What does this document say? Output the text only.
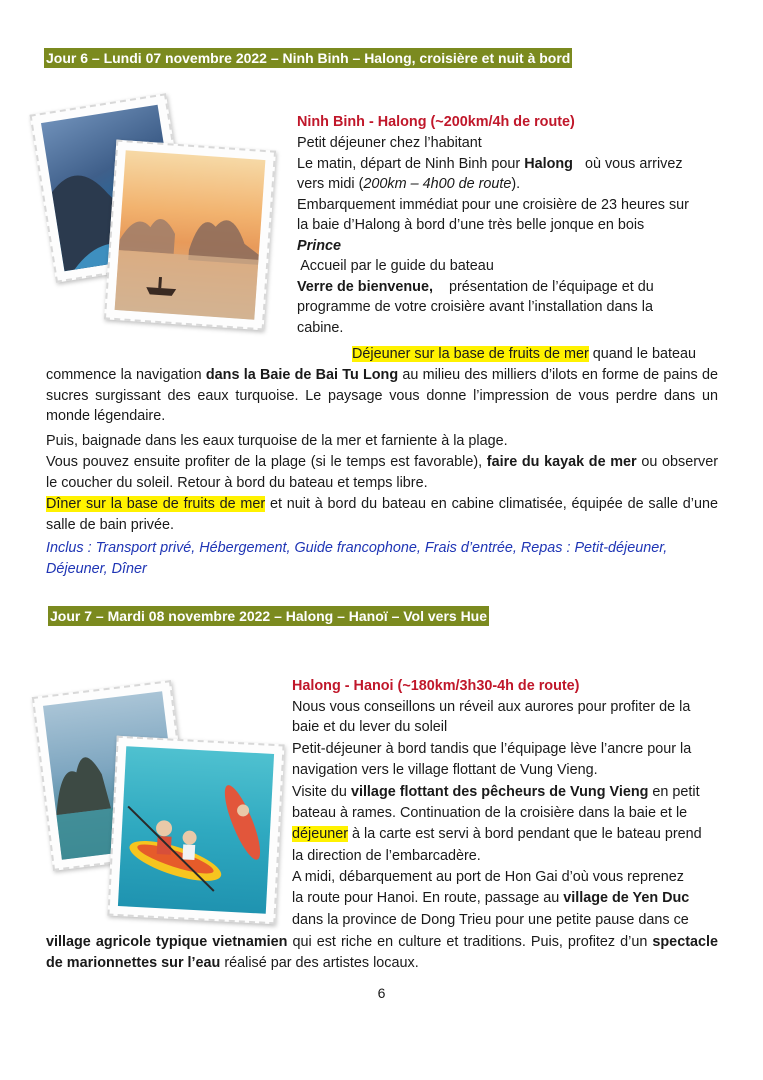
Jour 6 – Lundi 07 novembre 2022 – Ninh Binh – Halong, croisière et nuit à bord
Ninh Binh - Halong (~200km/4h de route)
Petit déjeuner chez l’habitant
Le matin, départ de Ninh Binh pour Halong   où vous arrivez
vers midi (200km – 4h00 de route).
Embarquement immédiat pour une croisière de 23 heures sur
la baie d’Halong à bord d’une très belle jonque en bois
Prince
Accueil par le guide du bateau
Verre de bienvenue,    présentation de l’équipage et du
programme de votre croisière avant l’installation dans la
cabine.
Déjeuner sur la base de fruits de mer quand le bateau
commence la navigation dans la Baie de Bai Tu Long au milieu des milliers d’ilots en forme de pains de sucres surgissant des eaux turquoise. Le paysage vous donne l’impression de vous perdre dans un monde légendaire.
Puis, baignade dans les eaux turquoise de la mer et farniente à la plage.
Vous pouvez ensuite profiter de la plage (si le temps est favorable), faire du kayak de mer ou observer le coucher du soleil. Retour à bord du bateau et temps libre.
Dîner sur la base de fruits de mer et nuit à bord du bateau en cabine climatisée, équipée de salle d’une salle de bain privée.
Inclus : Transport privé, Hébergement, Guide francophone, Frais d’entrée, Repas : Petit-déjeuner, Déjeuner, Dîner
Jour 7 – Mardi 08 novembre 2022 – Halong – Hanoï – Vol vers Hue
Halong - Hanoi (~180km/3h30-4h de route)
Nous vous conseillons un réveil aux aurores pour profiter de la
baie et du lever du soleil
Petit-déjeuner à bord tandis que l’équipage lève l’ancre pour la
navigation vers le village flottant de Vung Vieng.
Visite du village flottant des pêcheurs de Vung Vieng en petit
bateau à rames. Continuation de la croisière dans la baie et le
déjeuner à la carte est servi à bord pendant que le bateau prend
la direction de l’embarcadère.
A midi, débarquement au port de Hon Gai d’où vous reprenez
la route pour Hanoi. En route, passage au village de Yen Duc
dans la province de Dong Trieu pour une petite pause dans ce
village agricole typique vietnamien qui est riche en culture et traditions. Puis, profitez d’un spectacle de marionnettes sur l’eau réalisé par des artistes locaux.
6
